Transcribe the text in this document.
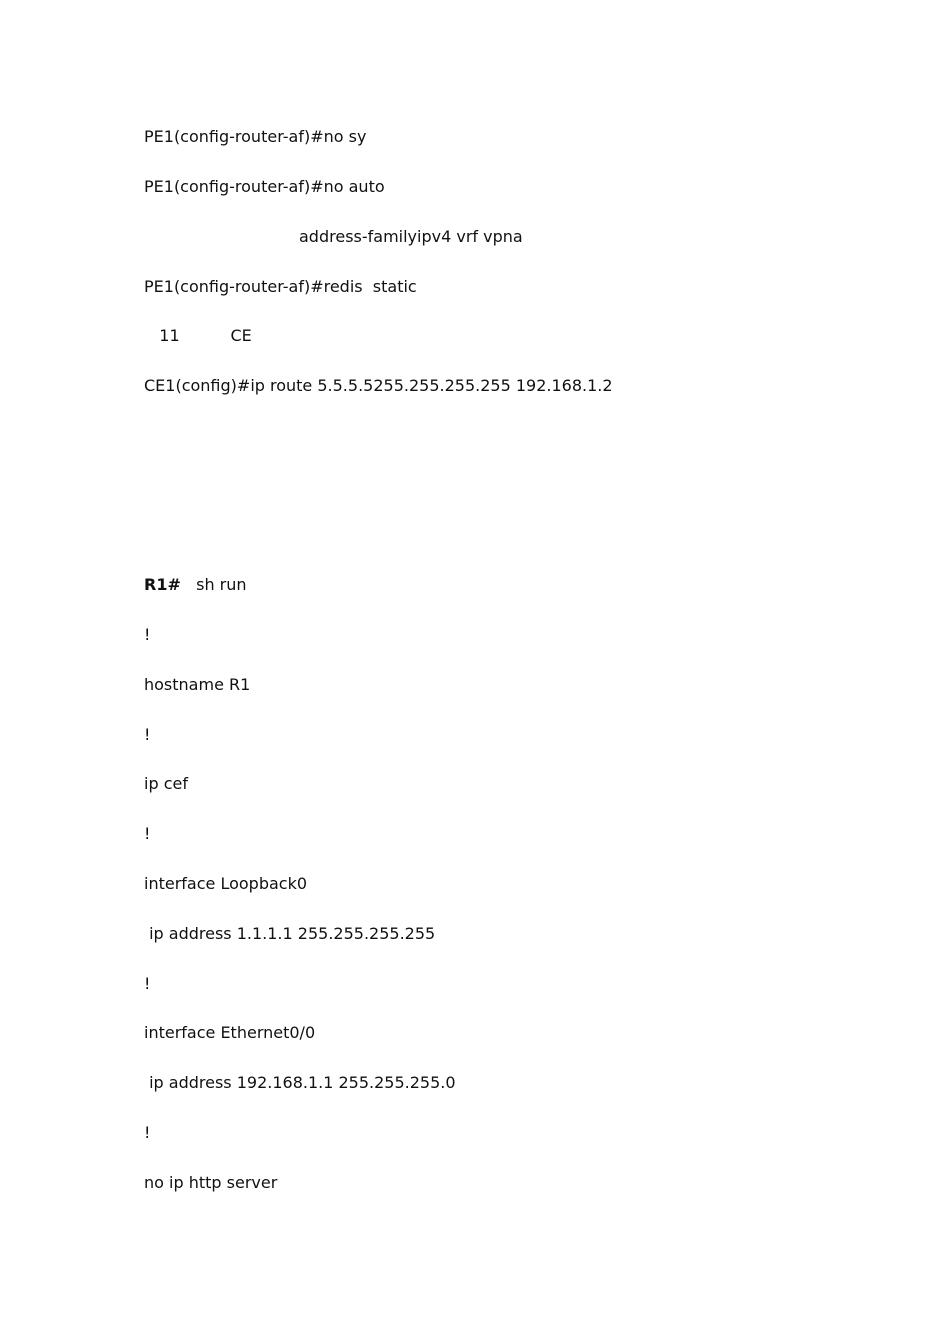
PE1(config-router-af)#no sy
PE1(config-router-af)#no auto
address-familyipv4 vrf vpna
PE1(config-router-af)#redis  static
11          CE
CE1(config)#ip route 5.5.5.5255.255.255.255 192.168.1.2
R1#   sh run
!
hostname R1
!
ip cef
!
interface Loopback0
ip address 1.1.1.1 255.255.255.255
!
interface Ethernet0/0
ip address 192.168.1.1 255.255.255.0
!
no ip http server
